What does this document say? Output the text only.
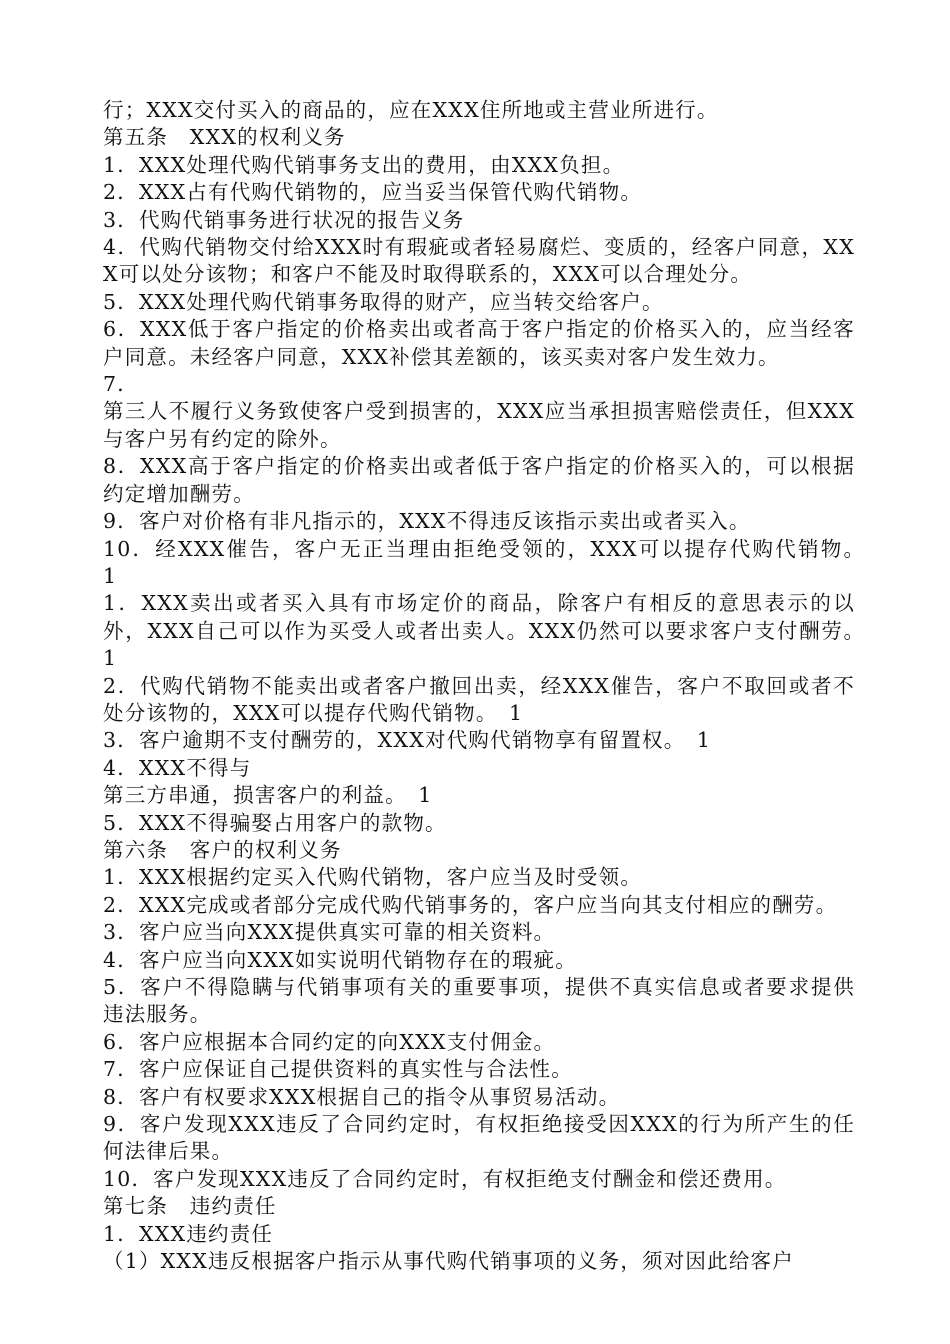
行；XXX交付买入的商品的，应在XXX住所地或主营业所进行。
第五条　XXX的权利义务
1．XXX处理代购代销事务支出的费用，由XXX负担。
2．XXX占有代购代销物的，应当妥当保管代购代销物。
3．代购代销事务进行状况的报告义务
4．代购代销物交付给XXX时有瑕疵或者轻易腐烂、变质的，经客户同意，XXX可以处分该物；和客户不能及时取得联系的，XXX可以合理处分。
5．XXX处理代购代销事务取得的财产，应当转交给客户。
6．XXX低于客户指定的价格卖出或者高于客户指定的价格买入的，应当经客户同意。未经客户同意，XXX补偿其差额的，该买卖对客户发生效力。
7．
第三人不履行义务致使客户受到损害的，XXX应当承担损害赔偿责任，但XXX与客户另有约定的除外。
8．XXX高于客户指定的价格卖出或者低于客户指定的价格买入的，可以根据约定增加酬劳。
9．客户对价格有非凡指示的，XXX不得违反该指示卖出或者买入。
10．经XXX催告，客户无正当理由拒绝受领的，XXX可以提存代购代销物。　1
1．XXX卖出或者买入具有市场定价的商品，除客户有相反的意思表示的以外，XXX自己可以作为买受人或者出卖人。XXX仍然可以要求客户支付酬劳。　1
2．代购代销物不能卖出或者客户撤回出卖，经XXX催告，客户不取回或者不处分该物的，XXX可以提存代购代销物。　1
3．客户逾期不支付酬劳的，XXX对代购代销物享有留置权。　1
4．XXX不得与
第三方串通，损害客户的利益。　1
5．XXX不得骗娶占用客户的款物。
第六条　客户的权利义务
1．XXX根据约定买入代购代销物，客户应当及时受领。
2．XXX完成或者部分完成代购代销事务的，客户应当向其支付相应的酬劳。
3．客户应当向XXX提供真实可靠的相关资料。
4．客户应当向XXX如实说明代销物存在的瑕疵。
5．客户不得隐瞒与代销事项有关的重要事项，提供不真实信息或者要求提供违法服务。
6．客户应根据本合同约定的向XXX支付佣金。
7．客户应保证自己提供资料的真实性与合法性。
8．客户有权要求XXX根据自己的指令从事贸易活动。
9．客户发现XXX违反了合同约定时，有权拒绝接受因XXX的行为所产生的任何法律后果。
10．客户发现XXX违反了合同约定时，有权拒绝支付酬金和偿还费用。
第七条　违约责任
1．XXX违约责任
（1）XXX违反根据客户指示从事代购代销事项的义务，须对因此给客户
